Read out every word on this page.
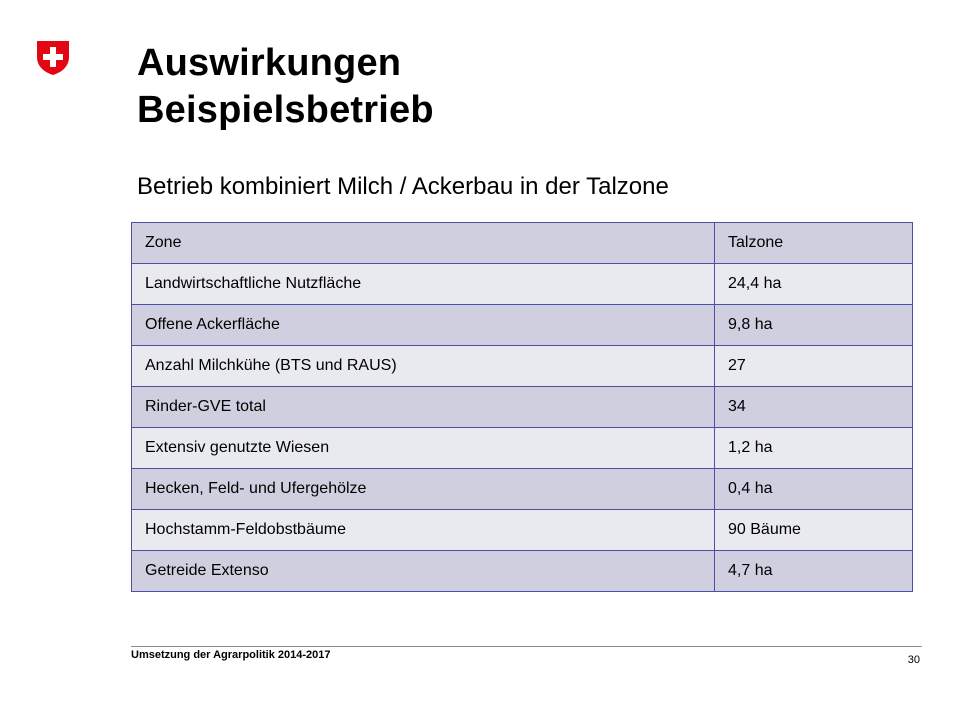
Auswirkungen
Beispielsbetrieb
Betrieb kombiniert Milch / Ackerbau in der Talzone
Zone	Talzone
Landwirtschaftliche Nutzfläche	24,4 ha
Offene Ackerfläche	9,8 ha
Anzahl Milchkühe (BTS und RAUS)	27
Rinder-GVE total	34
Extensiv genutzte Wiesen	1,2 ha
Hecken, Feld- und Ufergehölze	0,4 ha
Hochstamm-Feldobstbäume	90 Bäume
Getreide Extenso	4,7 ha
Umsetzung der Agrarpolitik 2014-2017	30
